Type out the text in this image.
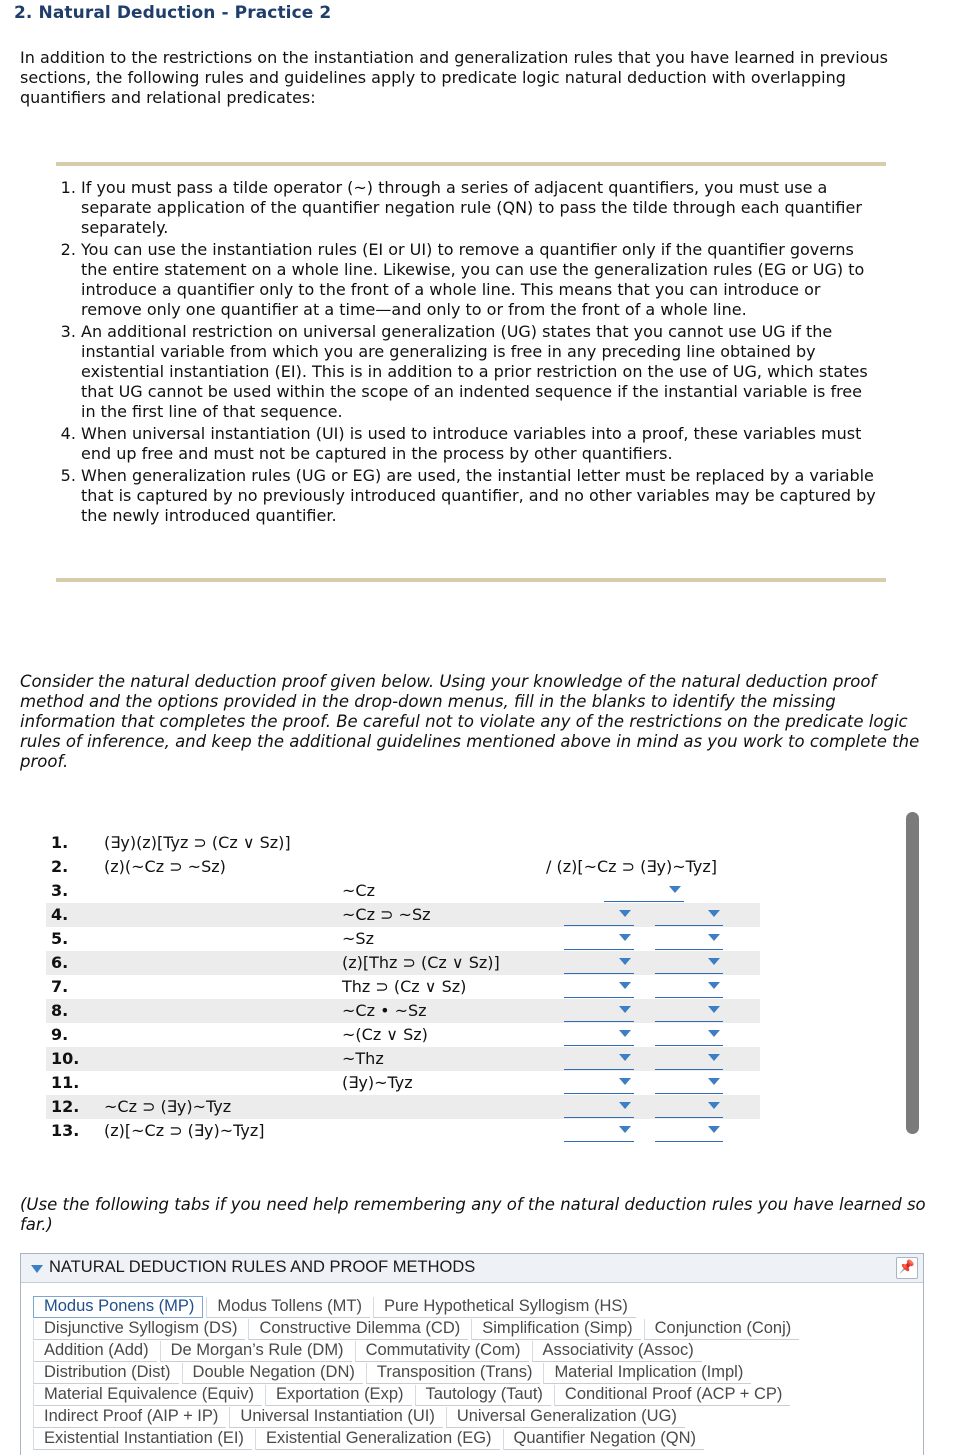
2. Natural Deduction - Practice 2
In addition to the restrictions on the instantiation and generalization rules that you have learned in previous sections, the following rules and guidelines apply to predicate logic natural deduction with overlapping quantifiers and relational predicates:
1. If you must pass a tilde operator (~) through a series of adjacent quantifiers, you must use a separate application of the quantifier negation rule (QN) to pass the tilde through each quantifier separately.
2. You can use the instantiation rules (EI or UI) to remove a quantifier only if the quantifier governs the entire statement on a whole line. Likewise, you can use the generalization rules (EG or UG) to introduce a quantifier only to the front of a whole line. This means that you can introduce or remove only one quantifier at a time—and only to or from the front of a whole line.
3. An additional restriction on universal generalization (UG) states that you cannot use UG if the instantial variable from which you are generalizing is free in any preceding line obtained by existential instantiation (EI). This is in addition to a prior restriction on the use of UG, which states that UG cannot be used within the scope of an indented sequence if the instantial variable is free in the first line of that sequence.
4. When universal instantiation (UI) is used to introduce variables into a proof, these variables must end up free and must not be captured in the process by other quantifiers.
5. When generalization rules (UG or EG) are used, the instantial letter must be replaced by a variable that is captured by no previously introduced quantifier, and no other variables may be captured by the newly introduced quantifier.
Consider the natural deduction proof given below. Using your knowledge of the natural deduction proof method and the options provided in the drop-down menus, fill in the blanks to identify the missing information that completes the proof. Be careful not to violate any of the restrictions on the predicate logic rules of inference, and keep the additional guidelines mentioned above in mind as you work to complete the proof.
1. (∃y)(z)[Tyz ⊃ (Cz ∨ Sz)]
2. (z)(~Cz ⊃ ~Sz)	/ (z)[~Cz ⊃ (∃y)~Tyz]
3.	~Cz
4.	~Cz ⊃ ~Sz
5.	~Sz
6.	(z)[Thz ⊃ (Cz ∨ Sz)]
7.	Thz ⊃ (Cz ∨ Sz)
8.	~Cz • ~Sz
9.	~(Cz ∨ Sz)
10.	~Thz
11.	(∃y)~Tyz
12. ~Cz ⊃ (∃y)~Tyz
13. (z)[~Cz ⊃ (∃y)~Tyz]
(Use the following tabs if you need help remembering any of the natural deduction rules you have learned so far.)
NATURAL DEDUCTION RULES AND PROOF METHODS	📌
Modus Ponens (MP) Modus Tollens (MT) Pure Hypothetical Syllogism (HS)
Disjunctive Syllogism (DS) Constructive Dilemma (CD) Simplification (Simp) Conjunction (Conj)
Addition (Add) De Morgan’s Rule (DM) Commutativity (Com) Associativity (Assoc)
Distribution (Dist) Double Negation (DN) Transposition (Trans) Material Implication (Impl)
Material Equivalence (Equiv) Exportation (Exp) Tautology (Taut) Conditional Proof (ACP + CP)
Indirect Proof (AIP + IP) Universal Instantiation (UI) Universal Generalization (UG)
Existential Instantiation (EI) Existential Generalization (EG) Quantifier Negation (QN)
